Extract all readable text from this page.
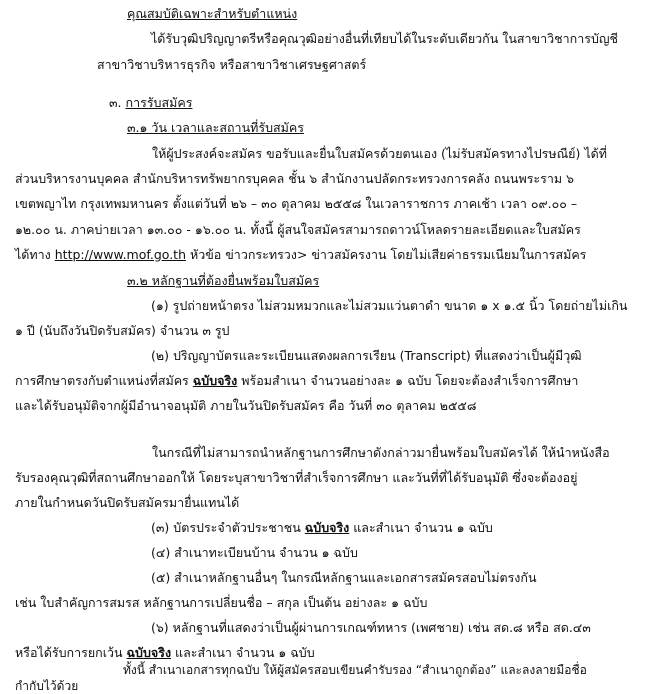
คุณสมบัติเฉพาะสำหรับตำแหน่ง
ได้รับวุฒิปริญญาตรีหรือคุณวุฒิอย่างอื่นที่เทียบได้ในระดับเดียวกัน ในสาขาวิชาการบัญชี
สาขาวิชาบริหารธุรกิจ หรือสาขาวิชาเศรษฐศาสตร์
๓. การรับสมัคร
๓.๑ วัน เวลาและสถานที่รับสมัคร
ให้ผู้ประสงค์จะสมัคร ขอรับและยื่นใบสมัครด้วยตนเอง (ไม่รับสมัครทางไปรษณีย์) ได้ที่
ส่วนบริหารงานบุคคล สำนักบริหารทรัพยากรบุคคล ชั้น ๖ สำนักงานปลัดกระทรวงการคลัง ถนนพระราม ๖
เขตพญาไท กรุงเทพมหานคร ตั้งแต่วันที่ ๒๖ – ๓๐ ตุลาคม ๒๕๕๘ ในเวลาราชการ ภาคเช้า เวลา ๐๙.๐๐ –
๑๒.๐๐ น. ภาคบ่ายเวลา ๑๓.๐๐ - ๑๖.๐๐ น. ทั้งนี้ ผู้สนใจสมัครสามารถดาวน์โหลดรายละเอียดและใบสมัคร
ได้ทาง http://www.mof.go.th หัวข้อ ข่าวกระทรวง> ข่าวสมัครงาน โดยไม่เสียค่าธรรมเนียมในการสมัคร
๓.๒ หลักฐานที่ต้องยื่นพร้อมใบสมัคร
(๑) รูปถ่ายหน้าตรง ไม่สวมหมวกและไม่สวมแว่นตาดำ ขนาด ๑ x ๑.๕ นิ้ว โดยถ่ายไม่เกิน
๑ ปี (นับถึงวันปิดรับสมัคร) จำนวน ๓ รูป
(๒) ปริญญาบัตรและระเบียนแสดงผลการเรียน (Transcript) ที่แสดงว่าเป็นผู้มีวุฒิ
การศึกษาตรงกับตำแหน่งที่สมัคร ฉบับจริง พร้อมสำเนา จำนวนอย่างละ ๑ ฉบับ โดยจะต้องสำเร็จการศึกษา
และได้รับอนุมัติจากผู้มีอำนาจอนุมัติ ภายในวันปิดรับสมัคร คือ วันที่ ๓๐ ตุลาคม ๒๕๕๘
ในกรณีที่ไม่สามารถนำหลักฐานการศึกษาดังกล่าวมายื่นพร้อมใบสมัครได้ ให้นำหนังสือ
รับรองคุณวุฒิที่สถานศึกษาออกให้ โดยระบุสาขาวิชาที่สำเร็จการศึกษา และวันที่ที่ได้รับอนุมัติ ซึ่งจะต้องอยู่
ภายในกำหนดวันปิดรับสมัครมายื่นแทนได้
(๓) บัตรประจำตัวประชาชน ฉบับจริง และสำเนา จำนวน ๑ ฉบับ
(๔) สำเนาทะเบียนบ้าน จำนวน ๑ ฉบับ
(๕) สำเนาหลักฐานอื่นๆ ในกรณีหลักฐานและเอกสารสมัครสอบไม่ตรงกัน
เช่น ใบสำคัญการสมรส หลักฐานการเปลี่ยนชื่อ – สกุล เป็นต้น อย่างละ ๑ ฉบับ
(๖) หลักฐานที่แสดงว่าเป็นผู้ผ่านการเกณฑ์ทหาร (เพศชาย) เช่น สด.๘ หรือ สด.๔๓
หรือได้รับการยกเว้น ฉบับจริง และสำเนา จำนวน ๑ ฉบับ
ทั้งนี้ สำเนาเอกสารทุกฉบับ ให้ผู้สมัครสอบเขียนคำรับรอง “สำเนาถูกต้อง” และลงลายมือชื่อ
กำกับไว้ด้วย
